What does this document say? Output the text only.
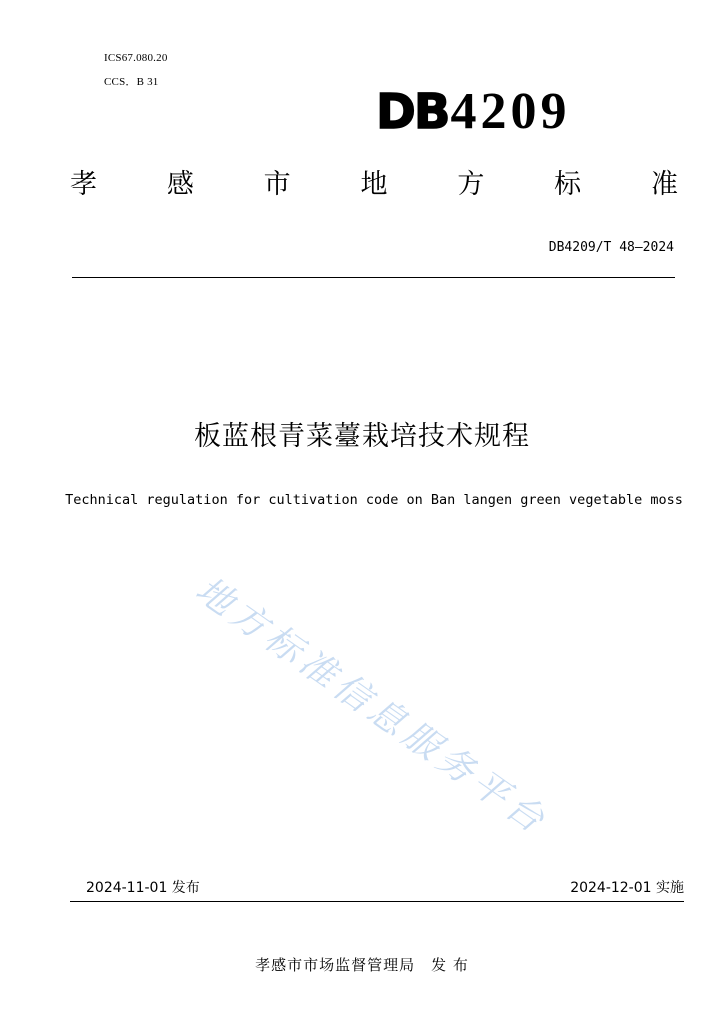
ICS67.080.20
CCS．B 31
DB 4209
孝	感	市	地	方	标	准
DB4209/T 48—2024
板蓝根青菜薹栽培技术规程
Technical regulation for cultivation code on Ban langen green vegetable moss
地方标准信息服务平台
2024-11-01 发布	2024-12-01 实施
孝感市市场监督管理局　发 布
